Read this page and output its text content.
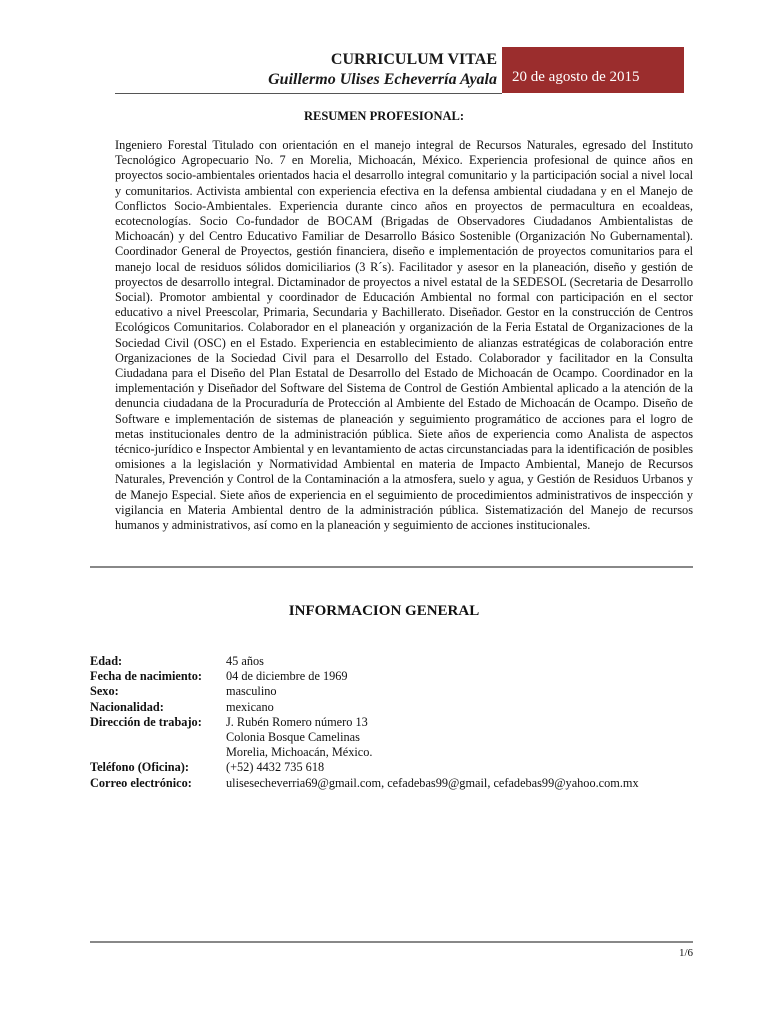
CURRICULUM VITAE
Guillermo Ulises Echeverría Ayala	20 de agosto de 2015
RESUMEN PROFESIONAL:

Ingeniero Forestal Titulado con orientación en el manejo integral de Recursos Naturales, egresado del Instituto Tecnológico Agropecuario No. 7 en Morelia, Michoacán, México. Experiencia profesional de quince años en proyectos socio-ambientales orientados hacia el desarrollo integral comunitario y la participación social a nivel local y comunitarios. Activista ambiental con experiencia efectiva en la defensa ambiental ciudadana y en el Manejo de Conflictos Socio-Ambientales. Experiencia durante cinco años en proyectos de permacultura en ecoaldeas, ecotecnologías. Socio Co-fundador de BOCAM (Brigadas de Observadores Ciudadanos Ambientalistas de Michoacán) y del Centro Educativo Familiar de Desarrollo Básico Sostenible (Organización No Gubernamental). Coordinador General de Proyectos, gestión financiera, diseño e implementación de proyectos comunitarios para el manejo local de residuos sólidos domiciliarios (3 R´s). Facilitador y asesor en la planeación, diseño y gestión de proyectos de desarrollo integral. Dictaminador de proyectos a nivel estatal de la SEDESOL (Secretaria de Desarrollo Social). Promotor ambiental y coordinador de Educación Ambiental no formal con participación en el sector educativo a nivel Preescolar, Primaria, Secundaria y Bachillerato. Diseñador. Gestor en la construcción de Centros Ecológicos Comunitarios. Colaborador en el planeación y organización de la Feria Estatal de Organizaciones de la Sociedad Civil (OSC) en el Estado. Experiencia en establecimiento de alianzas estratégicas de colaboración entre Organizaciones de la Sociedad Civil para el Desarrollo del Estado. Colaborador y facilitador en la Consulta Ciudadana para el Diseño del Plan Estatal de Desarrollo del Estado de Michoacán de Ocampo. Coordinador en la implementación y Diseñador del Software del Sistema de Control de Gestión Ambiental aplicado a la atención de la denuncia ciudadana de la Procuraduría de Protección al Ambiente del Estado de Michoacán de Ocampo. Diseño de Software e implementación de sistemas de planeación y seguimiento programático de acciones para el logro de metas institucionales dentro de la administración pública. Siete años de experiencia como Analista de aspectos técnico-jurídico e Inspector Ambiental y en levantamiento de actas circunstanciadas para la identificación de posibles omisiones a la legislación y Normatividad Ambiental en materia de Impacto Ambiental, Manejo de Recursos Naturales, Prevención y Control de la Contaminación a la atmosfera, suelo y agua, y Gestión de Residuos Urbanos y de Manejo Especial. Siete años de experiencia en el seguimiento de procedimientos administrativos de inspección y vigilancia en Materia Ambiental dentro de la administración pública. Sistematización del Manejo de recursos humanos y administrativos, así como en la planeación y seguimiento de acciones institucionales.

INFORMACION GENERAL
Edad:	45 años
Fecha de nacimiento:	04 de diciembre de 1969
Sexo:	masculino
Nacionalidad:	mexicano
Dirección de trabajo:	J. Rubén Romero número 13
Colonia Bosque Camelinas
Morelia, Michoacán, México.
Teléfono (Oficina):	(+52) 4432 735 618
Correo electrónico:	ulisesecheverria69@gmail.com, cefadebas99@gmail, cefadebas99@yahoo.com.mx
1/6
